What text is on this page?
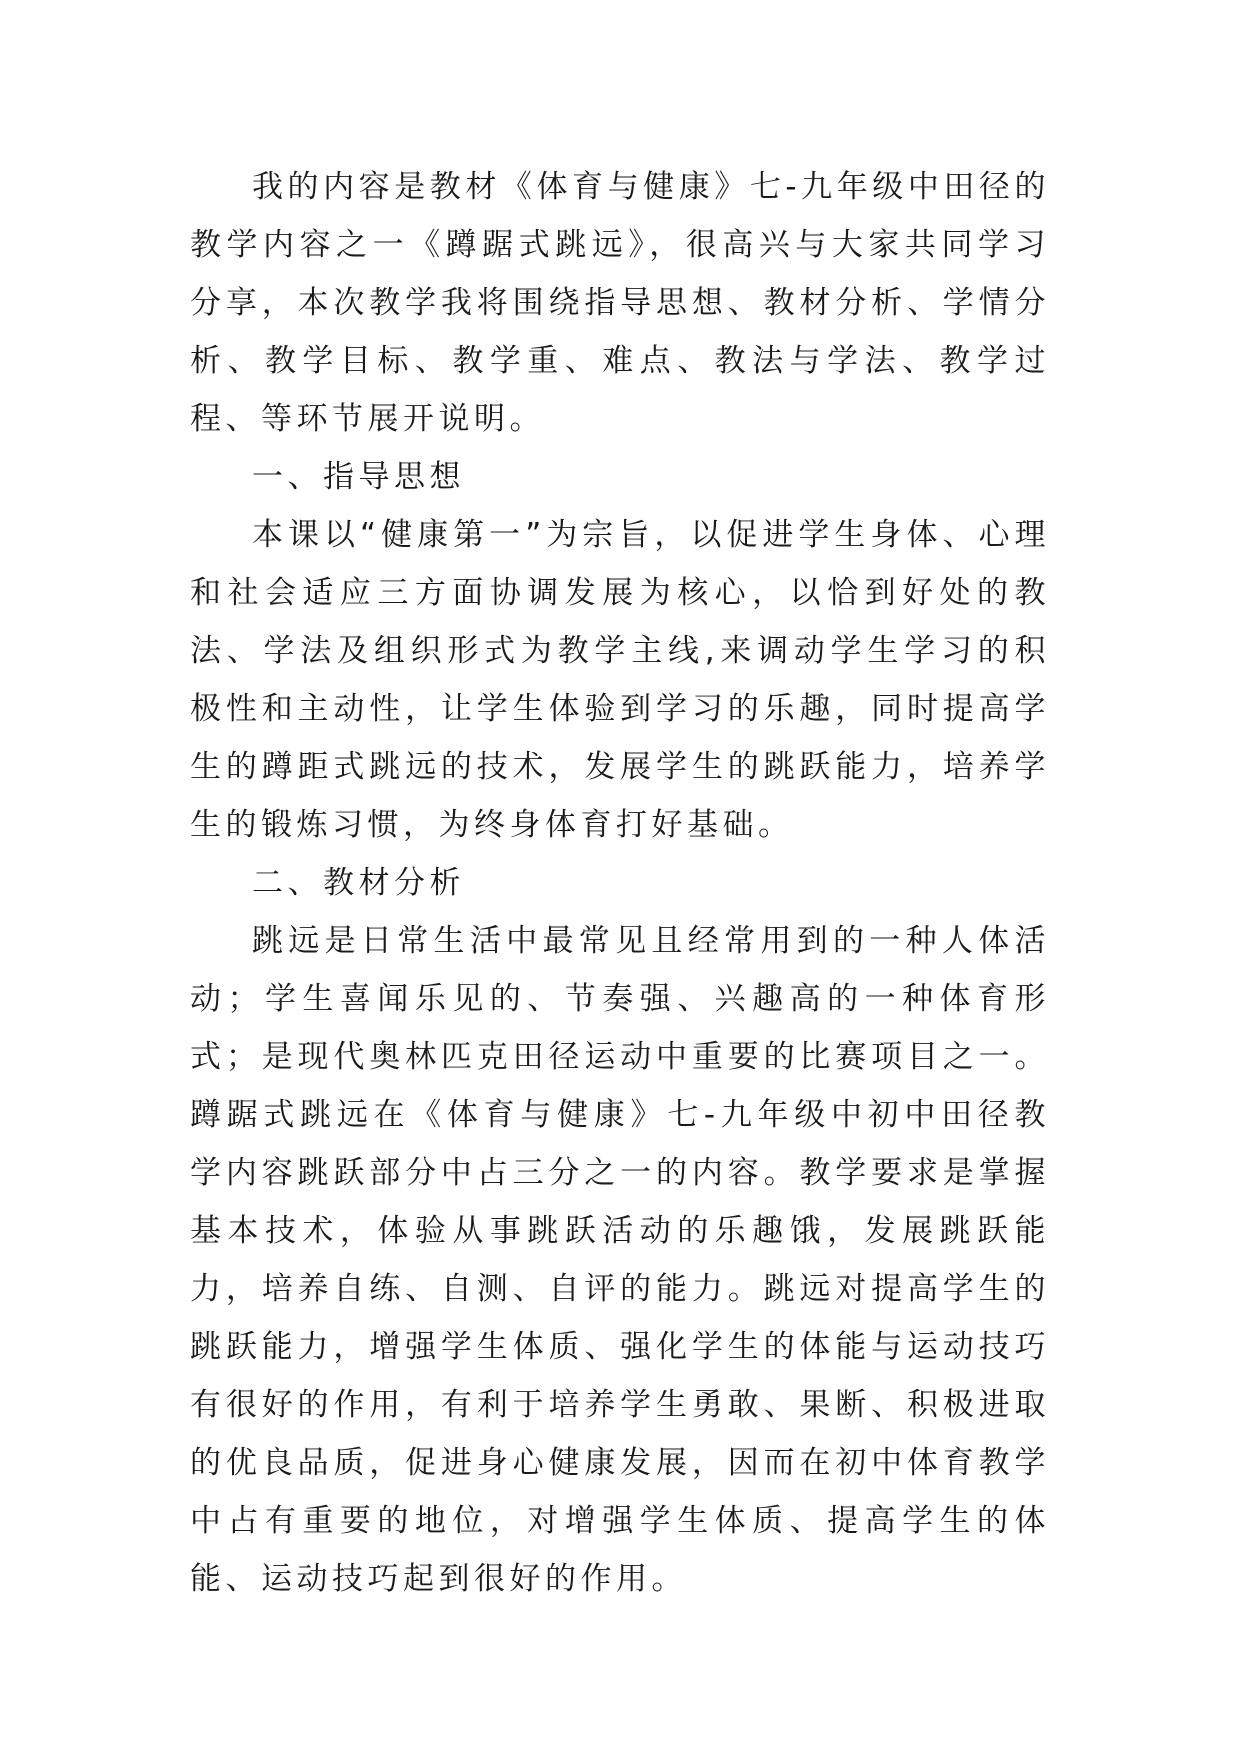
我的内容是教材《体育与健康》七-九年级中田径的教学内容之一《蹲踞式跳远》，很高兴与大家共同学习分享，本次教学我将围绕指导思想、教材分析、学情分析、教学目标、教学重、难点、教法与学法、教学过程、等环节展开说明。

一、指导思想

本课以“健康第一”为宗旨，以促进学生身体、心理和社会适应三方面协调发展为核心，以恰到好处的教法、学法及组织形式为教学主线,来调动学生学习的积极性和主动性，让学生体验到学习的乐趣，同时提高学生的蹲距式跳远的技术，发展学生的跳跃能力，培养学生的锻炼习惯，为终身体育打好基础。

二、教材分析

跳远是日常生活中最常见且经常用到的一种人体活动；学生喜闻乐见的、节奏强、兴趣高的一种体育形式；是现代奥林匹克田径运动中重要的比赛项目之一。蹲踞式跳远在《体育与健康》七-九年级中初中田径教学内容跳跃部分中占三分之一的内容。教学要求是掌握基本技术，体验从事跳跃活动的乐趣饿，发展跳跃能力，培养自练、自测、自评的能力。跳远对提高学生的跳跃能力，增强学生体质、强化学生的体能与运动技巧有很好的作用，有利于培养学生勇敢、果断、积极进取的优良品质，促进身心健康发展，因而在初中体育教学中占有重要的地位，对增强学生体质、提高学生的体能、运动技巧起到很好的作用。
